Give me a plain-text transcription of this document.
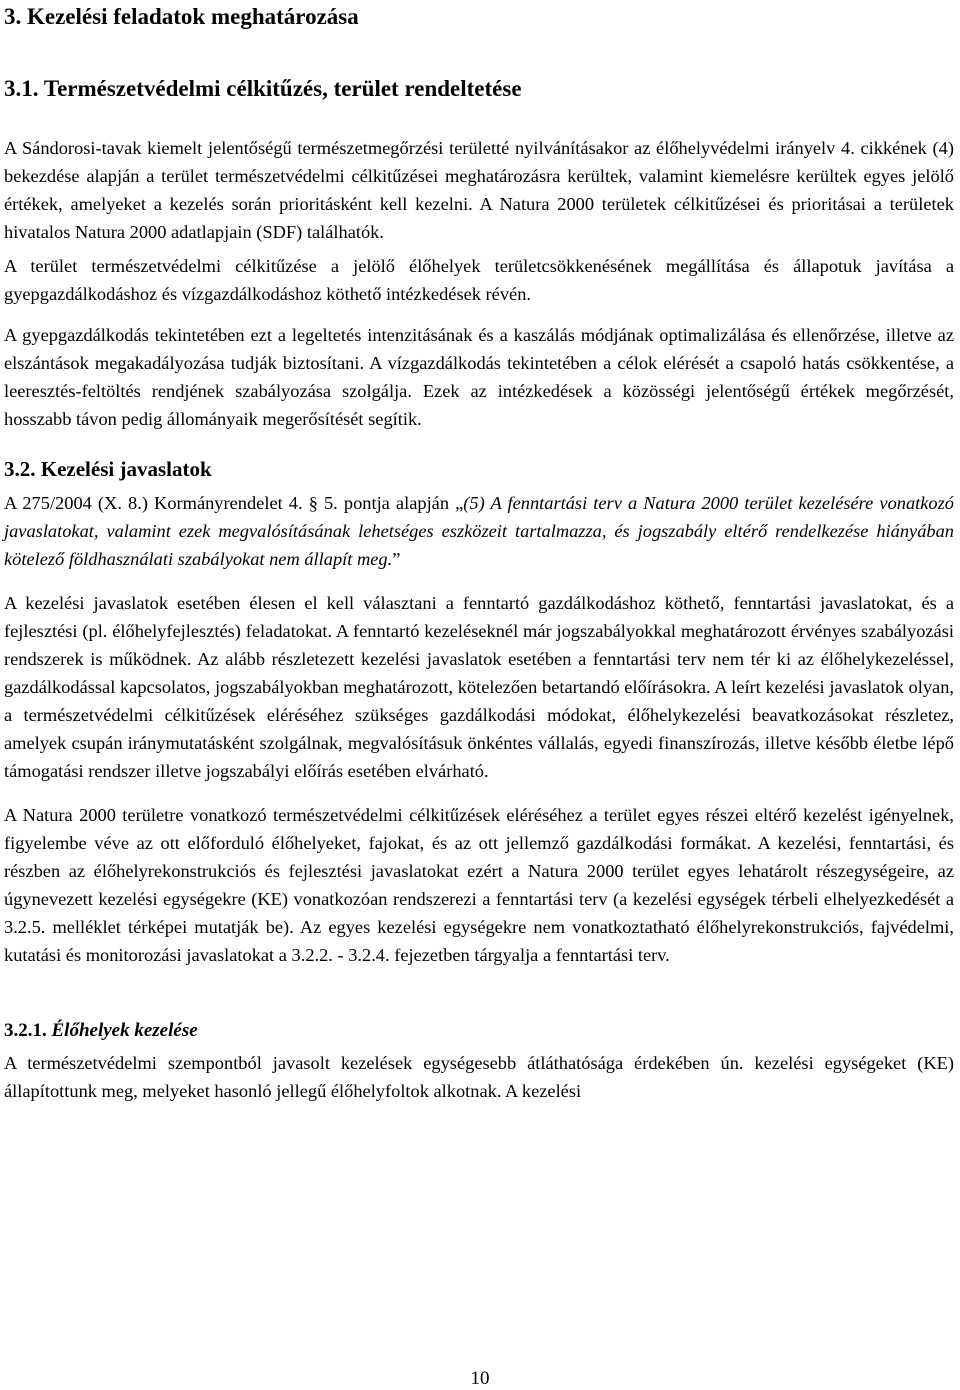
3. Kezelési feladatok meghatározása
3.1. Természetvédelmi célkitűzés, terület rendeltetése

A Sándorosi-tavak kiemelt jelentőségű természetmegőrzési területté nyilvánításakor az élőhelyvédelmi irányelv 4. cikkének (4) bekezdése alapján a terület természetvédelmi célkitűzései meghatározásra kerültek, valamint kiemelésre kerültek egyes jelölő értékek, amelyeket a kezelés során prioritásként kell kezelni. A Natura 2000 területek célkitűzései és prioritásai a területek hivatalos Natura 2000 adatlapjain (SDF) találhatók.

A terület természetvédelmi célkitűzése a jelölő élőhelyek területcsökkenésének megállítása és állapotuk javítása a gyepgazdálkodáshoz és vízgazdálkodáshoz köthető intézkedések révén.

A gyepgazdálkodás tekintetében ezt a legeltetés intenzitásának és a kaszálás módjának optimalizálása és ellenőrzése, illetve az elszántások megakadályozása tudják biztosítani. A vízgazdálkodás tekintetében a célok elérését a csapoló hatás csökkentése, a leeresztés-feltöltés rendjének szabályozása szolgálja. Ezek az intézkedések a közösségi jelentőségű értékek megőrzését, hosszabb távon pedig állományaik megerősítését segítik.

3.2. Kezelési javaslatok

A 275/2004 (X. 8.) Kormányrendelet 4. § 5. pontja alapján „(5) A fenntartási terv a Natura 2000 terület kezelésére vonatkozó javaslatokat, valamint ezek megvalósításának lehetséges eszközeit tartalmazza, és jogszabály eltérő rendelkezése hiányában kötelező földhasználati szabályokat nem állapít meg.”

A kezelési javaslatok esetében élesen el kell választani a fenntartó gazdálkodáshoz köthető, fenntartási javaslatokat, és a fejlesztési (pl. élőhelyfejlesztés) feladatokat. A fenntartó kezeléseknél már jogszabályokkal meghatározott érvényes szabályozási rendszerek is működnek. Az alább részletezett kezelési javaslatok esetében a fenntartási terv nem tér ki az élőhelykezeléssel, gazdálkodással kapcsolatos, jogszabályokban meghatározott, kötelezően betartandó előírásokra. A leírt kezelési javaslatok olyan, a természetvédelmi célkitűzések eléréséhez szükséges gazdálkodási módokat, élőhelykezelési beavatkozásokat részletez, amelyek csupán iránymutatásként szolgálnak, megvalósításuk önkéntes vállalás, egyedi finanszírozás, illetve később életbe lépő támogatási rendszer illetve jogszabályi előírás esetében elvárható.

A Natura 2000 területre vonatkozó természetvédelmi célkitűzések eléréséhez a terület egyes részei eltérő kezelést igényelnek, figyelembe véve az ott előforduló élőhelyeket, fajokat, és az ott jellemző gazdálkodási formákat. A kezelési, fenntartási, és részben az élőhelyrekonstrukciós és fejlesztési javaslatokat ezért a Natura 2000 terület egyes lehatárolt részegységeire, az úgynevezett kezelési egységekre (KE) vonatkozóan rendszerezi a fenntartási terv (a kezelési egységek térbeli elhelyezkedését a 3.2.5. melléklet térképei mutatják be). Az egyes kezelési egységekre nem vonatkoztatható élőhelyrekonstrukciós, fajvédelmi, kutatási és monitorozási javaslatokat a 3.2.2. - 3.2.4. fejezetben tárgyalja a fenntartási terv.

3.2.1. Élőhelyek kezelése

A természetvédelmi szempontból javasolt kezelések egységesebb átláthatósága érdekében ún. kezelési egységeket (KE) állapítottunk meg, melyeket hasonló jellegű élőhelyfoltok alkotnak. A kezelési

10
